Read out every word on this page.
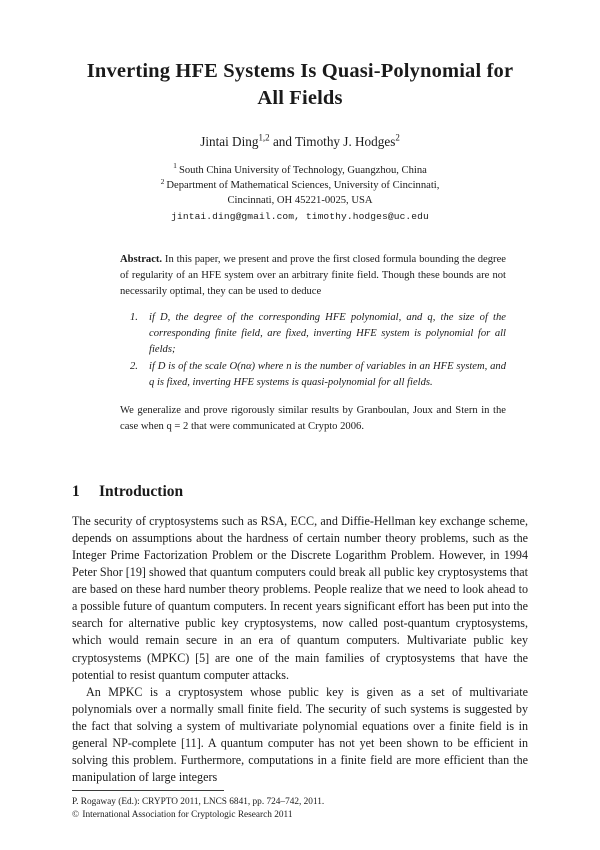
Inverting HFE Systems Is Quasi-Polynomial for All Fields

Jintai Ding$^{1,2}$ and Timothy J. Hodges$^2$

$^1$ South China University of Technology, Guangzhou, China

$^2$ Department of Mathematical Sciences, University of Cincinnati,

Cincinnati, OH 45221-0025, USA

jintai.ding@gmail.com, timothy.hodges@uc.edu

Abstract. In this paper, we present and prove the first closed formula bounding the degree of regularity of an HFE system over an arbitrary finite field. Though these bounds are not necessarily optimal, they can be used to deduce

1. if D, the degree of the corresponding HFE polynomial, and q, the size of the corresponding finite field, are fixed, inverting HFE system is polynomial for all fields;
2. if D is of the scale O(nα) where n is the number of variables in an HFE system, and q is fixed, inverting HFE systems is quasi-polynomial for all fields.

We generalize and prove rigorously similar results by Granboulan, Joux and Stern in the case when q = 2 that were communicated at Crypto 2006.

1 Introduction

The security of cryptosystems such as RSA, ECC, and Diffie-Hellman key exchange scheme, depends on assumptions about the hardness of certain number theory problems, such as the Integer Prime Factorization Problem or the Discrete Logarithm Problem. However, in 1994 Peter Shor [19] showed that quantum computers could break all public key cryptosystems that are based on these hard number theory problems. People realize that we need to look ahead to a possible future of quantum computers. In recent years significant effort has been put into the search for alternative public key cryptosystems, now called post-quantum cryptosystems, which would remain secure in an era of quantum computers. Multivariate public key cryptosystems (MPKC) [5] are one of the main families of cryptosystems that have the potential to resist quantum computer attacks.

An MPKC is a cryptosystem whose public key is given as a set of multivariate polynomials over a normally small finite field. The security of such systems is suggested by the fact that solving a system of multivariate polynomial equations over a finite field is in general NP-complete [11]. A quantum computer has not yet been shown to be efficient in solving this problem. Furthermore, computations in a finite field are more efficient than the manipulation of large integers

P. Rogaway (Ed.): CRYPTO 2011, LNCS 6841, pp. 724–742, 2011.

© International Association for Cryptologic Research 2011
